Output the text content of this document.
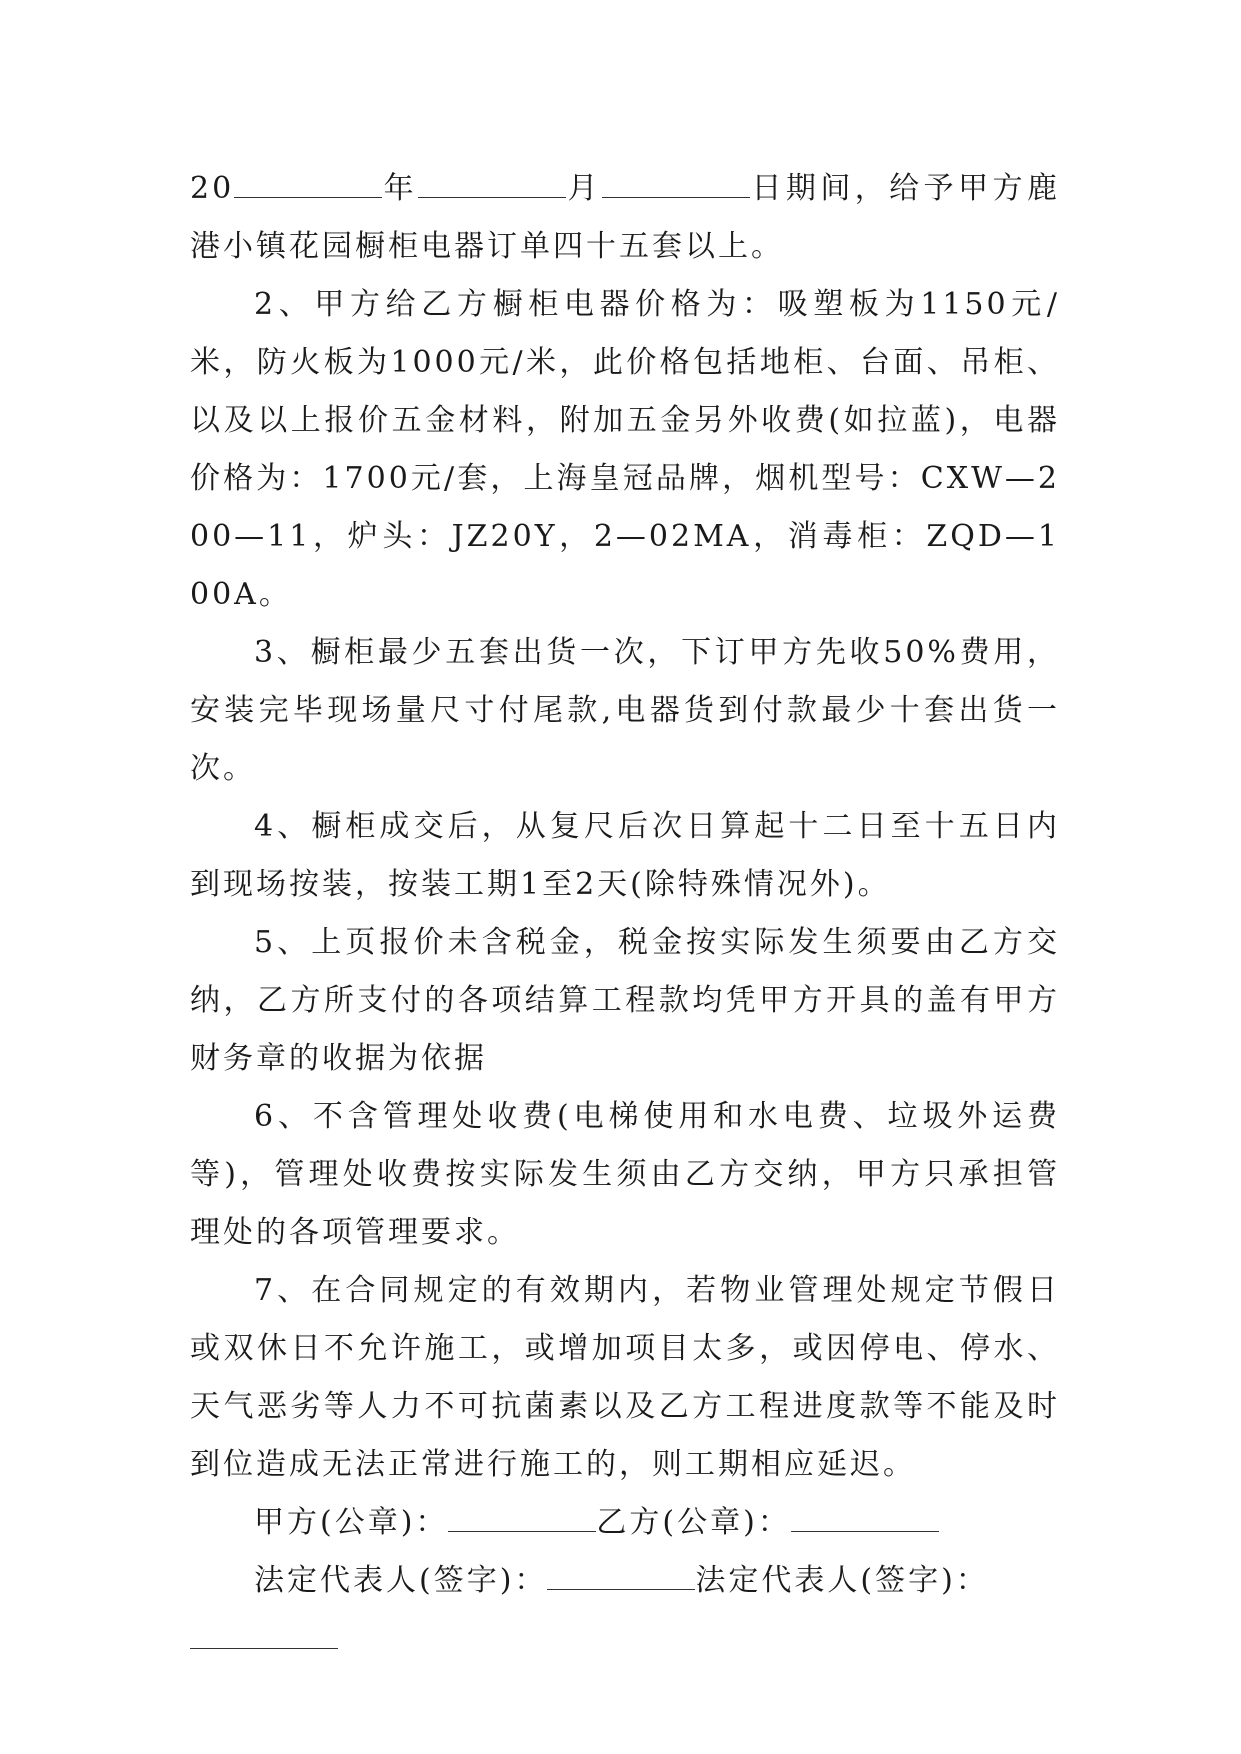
20	年	月	日期间，给予甲方鹿港小镇花园橱柜电器订单四十五套以上。

2、甲方给乙方橱柜电器价格为：吸塑板为1150元/米，防火板为1000元/米，此价格包括地柜、台面、吊柜、以及以上报价五金材料，附加五金另外收费(如拉蓝)，电器价格为：1700元/套，上海皇冠品牌，烟机型号：CXW—200—11，炉头：JZ20Y，2—02MA，消毒柜：ZQD—100A。

3、橱柜最少五套出货一次，下订甲方先收50%费用，安装完毕现场量尺寸付尾款,电器货到付款最少十套出货一次。

4、橱柜成交后，从复尺后次日算起十二日至十五日内到现场按装，按装工期1至2天(除特殊情况外)。

5、上页报价未含税金，税金按实际发生须要由乙方交纳，乙方所支付的各项结算工程款均凭甲方开具的盖有甲方财务章的收据为依据

6、不含管理处收费(电梯使用和水电费、垃圾外运费等)，管理处收费按实际发生须由乙方交纳，甲方只承担管理处的各项管理要求。

7、在合同规定的有效期内，若物业管理处规定节假日或双休日不允许施工，或增加项目太多，或因停电、停水、天气恶劣等人力不可抗菌素以及乙方工程进度款等不能及时到位造成无法正常进行施工的，则工期相应延迟。

甲方(公章)：	乙方(公章)：

法定代表人(签字)：	法定代表人(签字)：
